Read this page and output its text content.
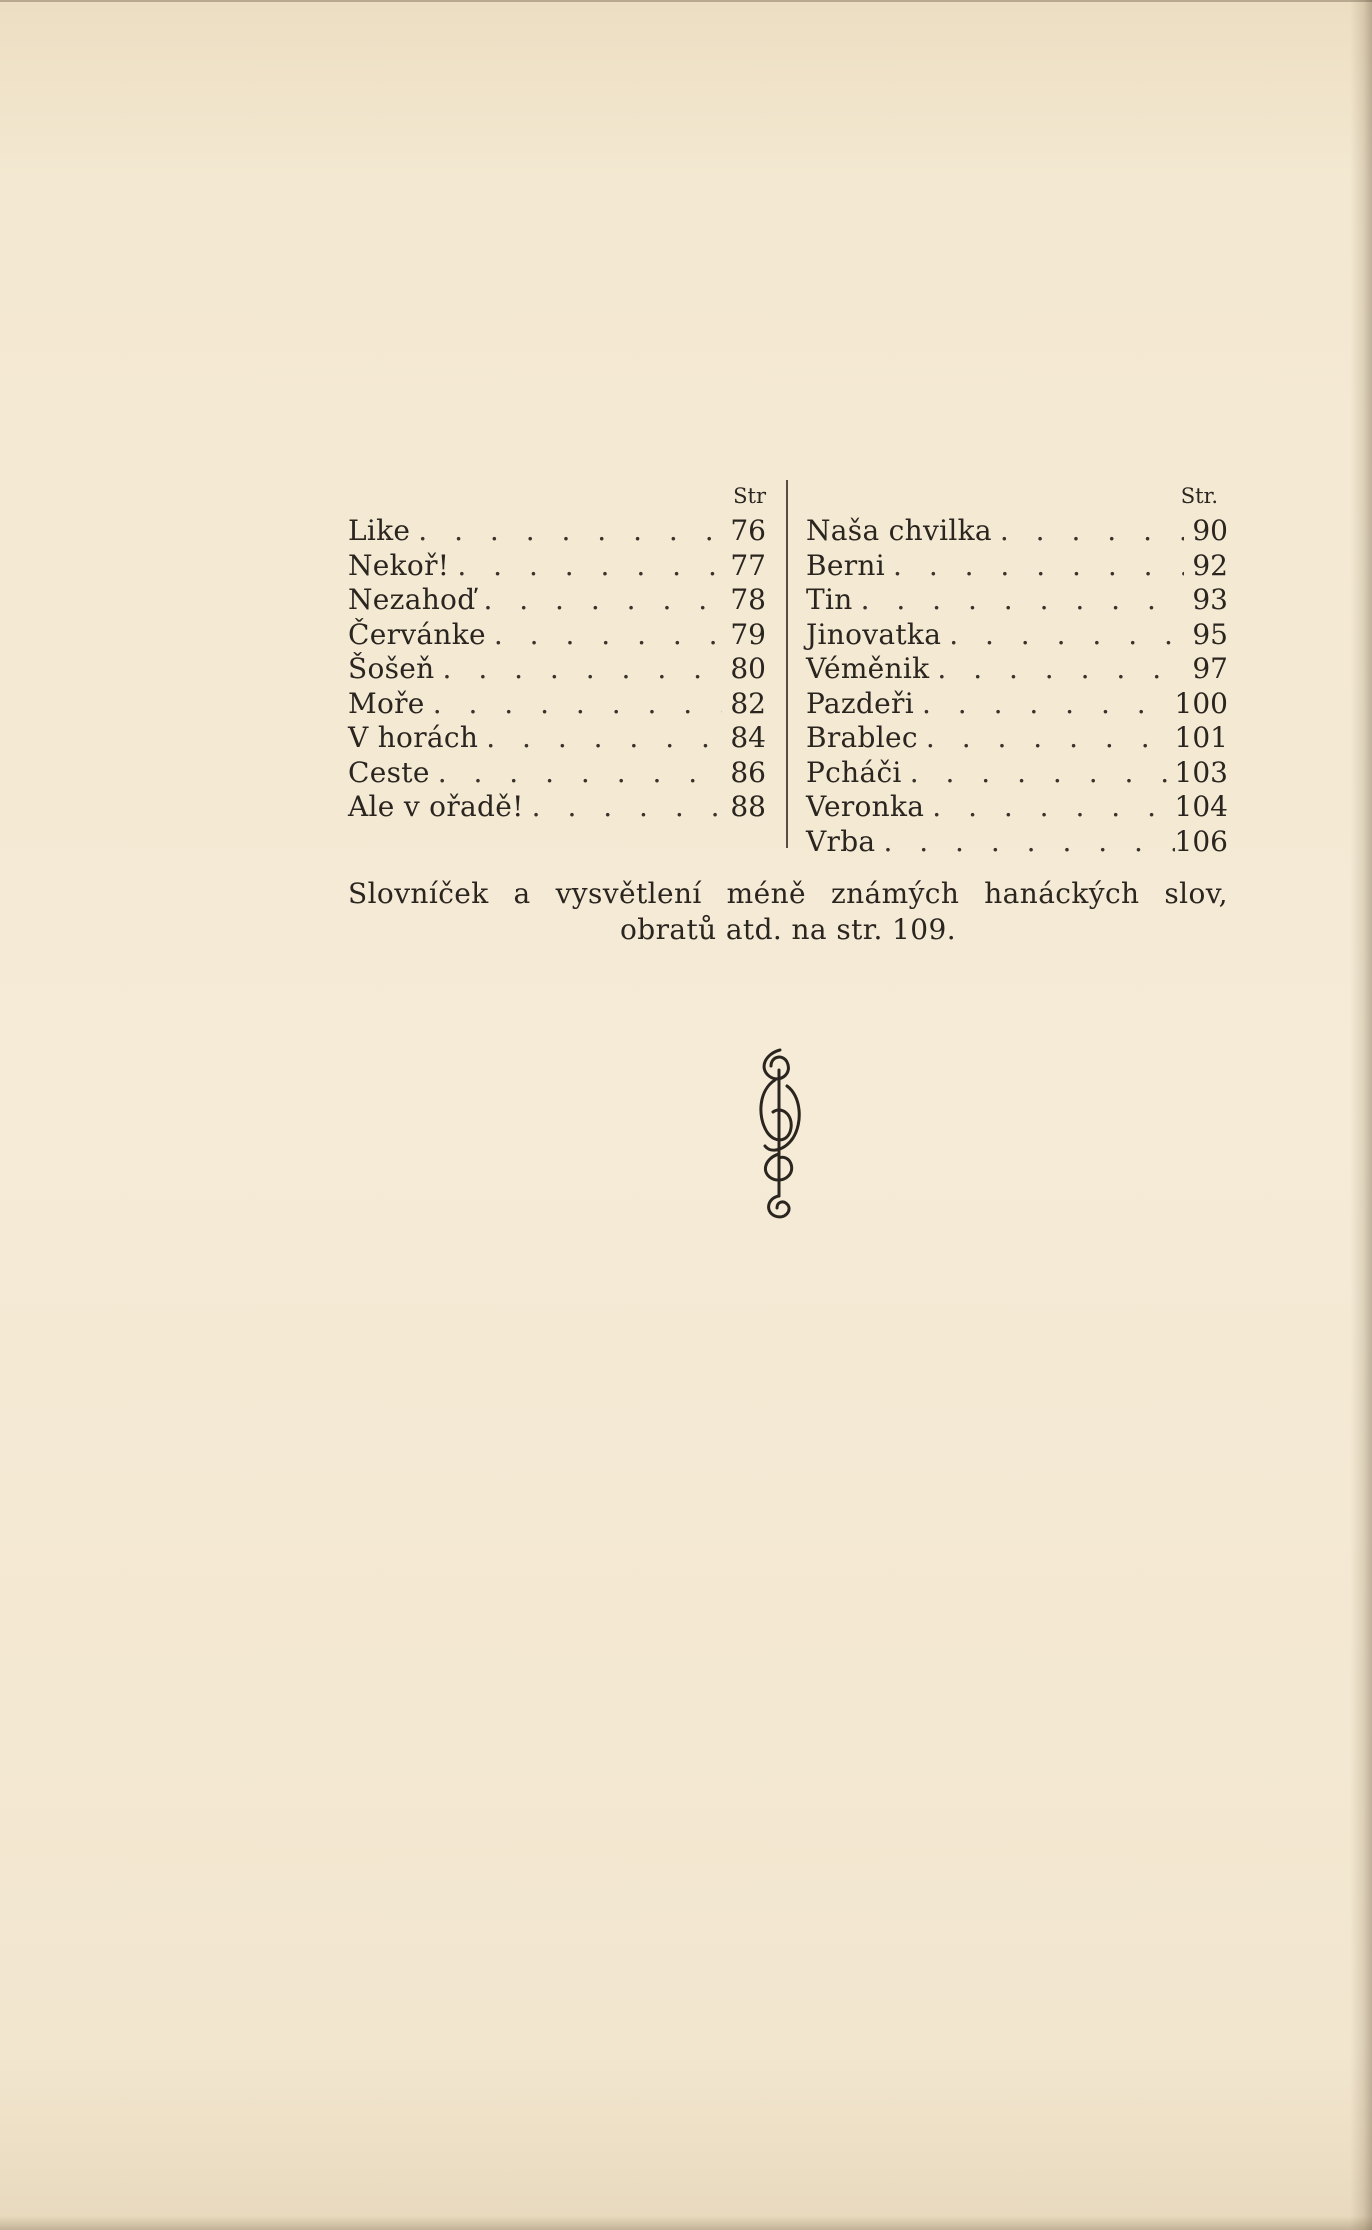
Str
Like . . .	76
Nekoř! . . .	77
Nezahoď . . .	78
Červánke . . .	79
Šošeň . . .	80
Moře . . .	82
V horách . . .	84
Ceste . . .	86
Ale v ořadě! . . .	88
Str.
Naša chvilka . . .	90
Berni . . .	92
Tin . . .	93
Jinovatka . . .	95
Véměnik . . .	97
Pazdeři . . .	100
Brablec . . .	101
Pcháči . . .	103
Veronka . . .	104
Vrba . . .	106
Slovníček a vysvětlení méně známých hanáckých slov,
obratů atd. na str. 109.
